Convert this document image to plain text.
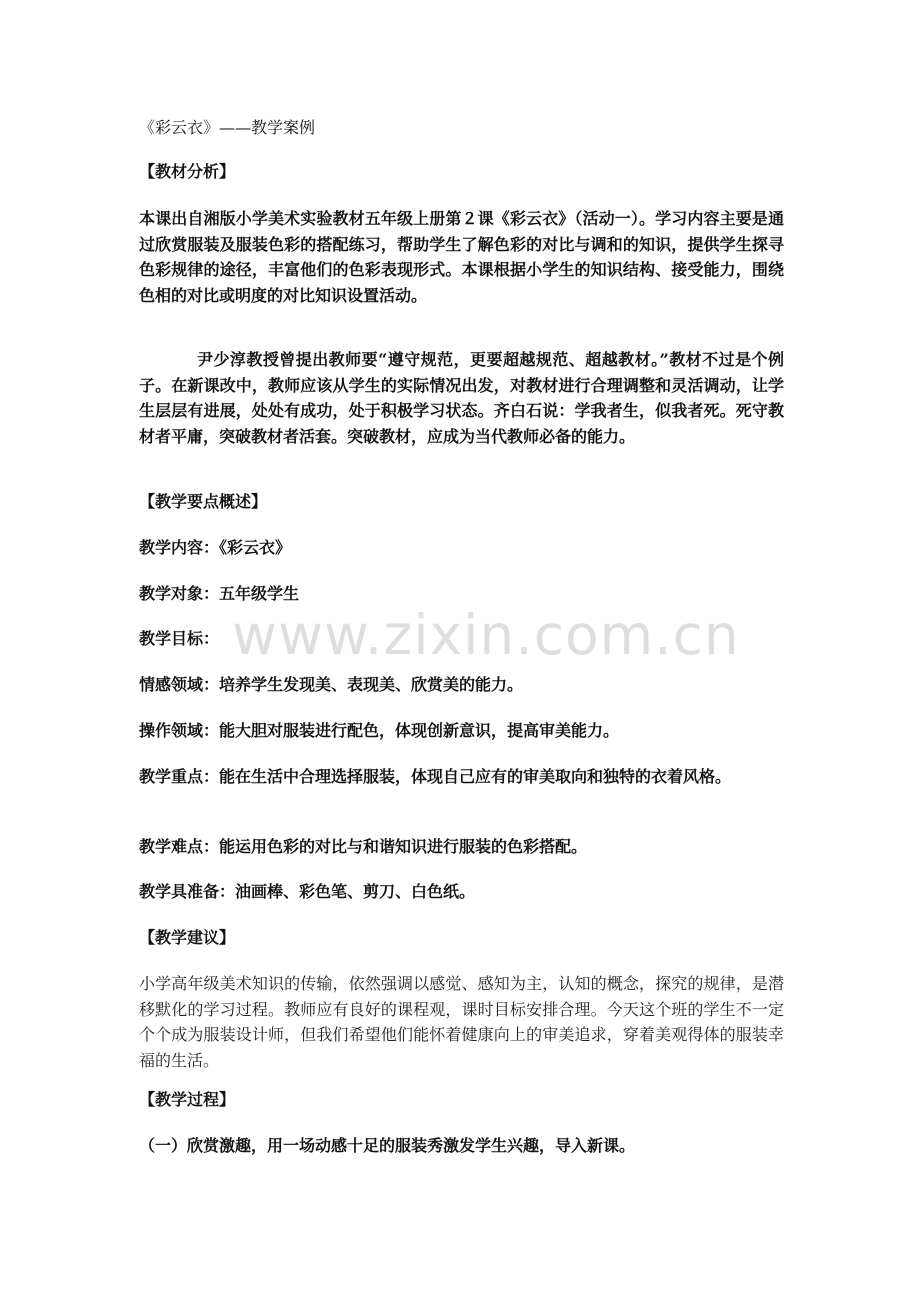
《彩云衣》——教学案例

【教材分析】

本课出自湘版小学美术实验教材五年级上册第２课《彩云衣》（活动一）。学习内容主要是通过欣赏服装及服装色彩的搭配练习，帮助学生了解色彩的对比与调和的知识，提供学生探寻色彩规律的途径，丰富他们的色彩表现形式。本课根据小学生的知识结构、接受能力，围绕色相的对比或明度的对比知识设置活动。

尹少淳教授曾提出教师要“遵守规范，更要超越规范、超越教材。”教材不过是个例子。在新课改中，教师应该从学生的实际情况出发，对教材进行合理调整和灵活调动，让学生层层有进展，处处有成功，处于积极学习状态。齐白石说：学我者生，似我者死。死守教材者平庸，突破教材者活套。突破教材，应成为当代教师必备的能力。

【教学要点概述】

教学内容：《彩云衣》

教学对象：五年级学生

教学目标：

情感领域：培养学生发现美、表现美、欣赏美的能力。

操作领域：能大胆对服装进行配色，体现创新意识，提高审美能力。

教学重点：能在生活中合理选择服装，体现自己应有的审美取向和独特的衣着风格。

教学难点：能运用色彩的对比与和谐知识进行服装的色彩搭配。

教学具准备：油画棒、彩色笔、剪刀、白色纸。

【教学建议】

小学高年级美术知识的传输，依然强调以感觉、感知为主，认知的概念，探究的规律，是潜移默化的学习过程。教师应有良好的课程观，课时目标安排合理。今天这个班的学生不一定个个成为服装设计师，但我们希望他们能怀着健康向上的审美追求，穿着美观得体的服装幸福的生活。

【教学过程】

（一）欣赏激趣，用一场动感十足的服装秀激发学生兴趣，导入新课。

www.zixin.com.cn
